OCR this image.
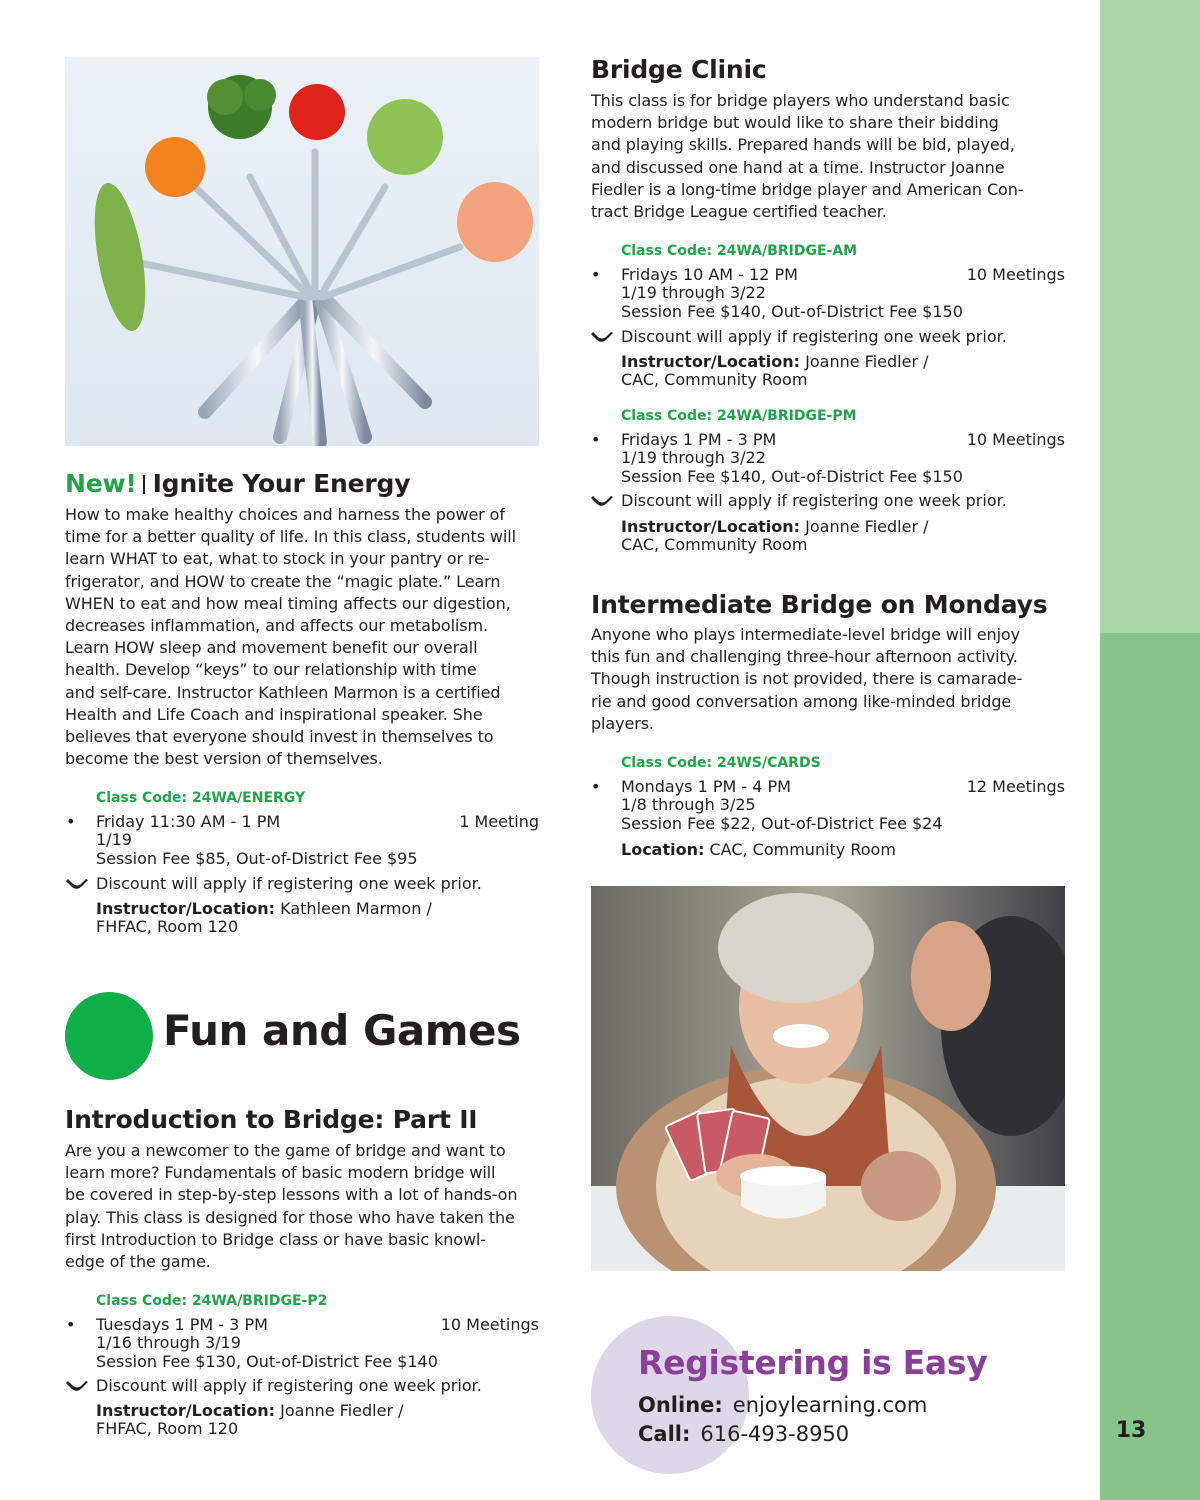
13
New! Ignite Your Energy
How to make healthy choices and harness the power of
time for a better quality of life. In this class, students will
learn WHAT to eat, what to stock in your pantry or re-
frigerator, and HOW to create the “magic plate.” Learn
WHEN to eat and how meal timing affects our digestion,
decreases inflammation, and affects our metabolism.
Learn HOW sleep and movement benefit our overall
health. Develop “keys” to our relationship with time
and self-care. Instructor Kathleen Marmon is a certified
Health and Life Coach and inspirational speaker. She
believes that everyone should invest in themselves to
become the best version of themselves.
Class Code: 24WA/ENERGY
• Friday 11:30 AM - 1 PM	1 Meeting
1/19
Session Fee $85, Out-of-District Fee $95
Discount will apply if registering one week prior.
Instructor/Location: Kathleen Marmon /
FHFAC, Room 120
Fun and Games
Introduction to Bridge: Part II
Are you a newcomer to the game of bridge and want to
learn more? Fundamentals of basic modern bridge will
be covered in step-by-step lessons with a lot of hands-on
play. This class is designed for those who have taken the
first Introduction to Bridge class or have basic knowl-
edge of the game.
Class Code: 24WA/BRIDGE-P2
• Tuesdays 1 PM - 3 PM	10 Meetings
1/16 through 3/19
Session Fee $130, Out-of-District Fee $140
Discount will apply if registering one week prior.
Instructor/Location: Joanne Fiedler /
FHFAC, Room 120
Bridge Clinic
This class is for bridge players who understand basic
modern bridge but would like to share their bidding
and playing skills. Prepared hands will be bid, played,
and discussed one hand at a time. Instructor Joanne
Fiedler is a long-time bridge player and American Con-
tract Bridge League certified teacher.
Class Code: 24WA/BRIDGE-AM
• Fridays 10 AM - 12 PM	10 Meetings
1/19 through 3/22
Session Fee $140, Out-of-District Fee $150
Discount will apply if registering one week prior.
Instructor/Location: Joanne Fiedler /
CAC, Community Room
Class Code: 24WA/BRIDGE-PM
• Fridays 1 PM - 3 PM	10 Meetings
1/19 through 3/22
Session Fee $140, Out-of-District Fee $150
Discount will apply if registering one week prior.
Instructor/Location: Joanne Fiedler /
CAC, Community Room
Intermediate Bridge on Mondays
Anyone who plays intermediate-level bridge will enjoy
this fun and challenging three-hour afternoon activity.
Though instruction is not provided, there is camarade-
rie and good conversation among like-minded bridge
players.
Class Code: 24WS/CARDS
• Mondays 1 PM - 4 PM	12 Meetings
1/8 through 3/25
Session Fee $22, Out-of-District Fee $24
Location: CAC, Community Room
Registering is Easy
Online: enjoylearning.com
Call: 616-493-8950
